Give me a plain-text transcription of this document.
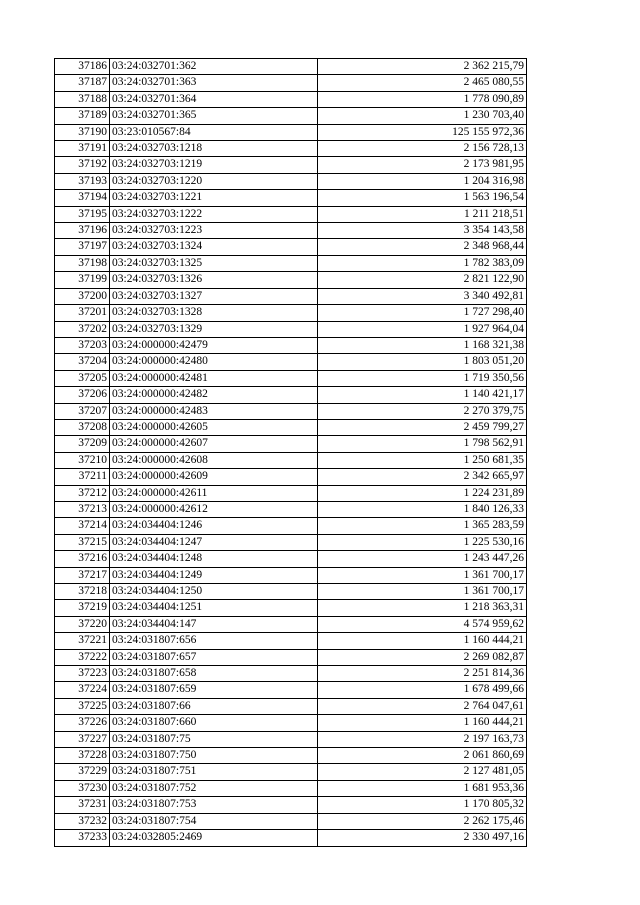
37186	03:24:032701:362	2 362 215,79
37187	03:24:032701:363	2 465 080,55
37188	03:24:032701:364	1 778 090,89
37189	03:24:032701:365	1 230 703,40
37190	03:23:010567:84	125 155 972,36
37191	03:24:032703:1218	2 156 728,13
37192	03:24:032703:1219	2 173 981,95
37193	03:24:032703:1220	1 204 316,98
37194	03:24:032703:1221	1 563 196,54
37195	03:24:032703:1222	1 211 218,51
37196	03:24:032703:1223	3 354 143,58
37197	03:24:032703:1324	2 348 968,44
37198	03:24:032703:1325	1 782 383,09
37199	03:24:032703:1326	2 821 122,90
37200	03:24:032703:1327	3 340 492,81
37201	03:24:032703:1328	1 727 298,40
37202	03:24:032703:1329	1 927 964,04
37203	03:24:000000:42479	1 168 321,38
37204	03:24:000000:42480	1 803 051,20
37205	03:24:000000:42481	1 719 350,56
37206	03:24:000000:42482	1 140 421,17
37207	03:24:000000:42483	2 270 379,75
37208	03:24:000000:42605	2 459 799,27
37209	03:24:000000:42607	1 798 562,91
37210	03:24:000000:42608	1 250 681,35
37211	03:24:000000:42609	2 342 665,97
37212	03:24:000000:42611	1 224 231,89
37213	03:24:000000:42612	1 840 126,33
37214	03:24:034404:1246	1 365 283,59
37215	03:24:034404:1247	1 225 530,16
37216	03:24:034404:1248	1 243 447,26
37217	03:24:034404:1249	1 361 700,17
37218	03:24:034404:1250	1 361 700,17
37219	03:24:034404:1251	1 218 363,31
37220	03:24:034404:147	4 574 959,62
37221	03:24:031807:656	1 160 444,21
37222	03:24:031807:657	2 269 082,87
37223	03:24:031807:658	2 251 814,36
37224	03:24:031807:659	1 678 499,66
37225	03:24:031807:66	2 764 047,61
37226	03:24:031807:660	1 160 444,21
37227	03:24:031807:75	2 197 163,73
37228	03:24:031807:750	2 061 860,69
37229	03:24:031807:751	2 127 481,05
37230	03:24:031807:752	1 681 953,36
37231	03:24:031807:753	1 170 805,32
37232	03:24:031807:754	2 262 175,46
37233	03:24:032805:2469	2 330 497,16
